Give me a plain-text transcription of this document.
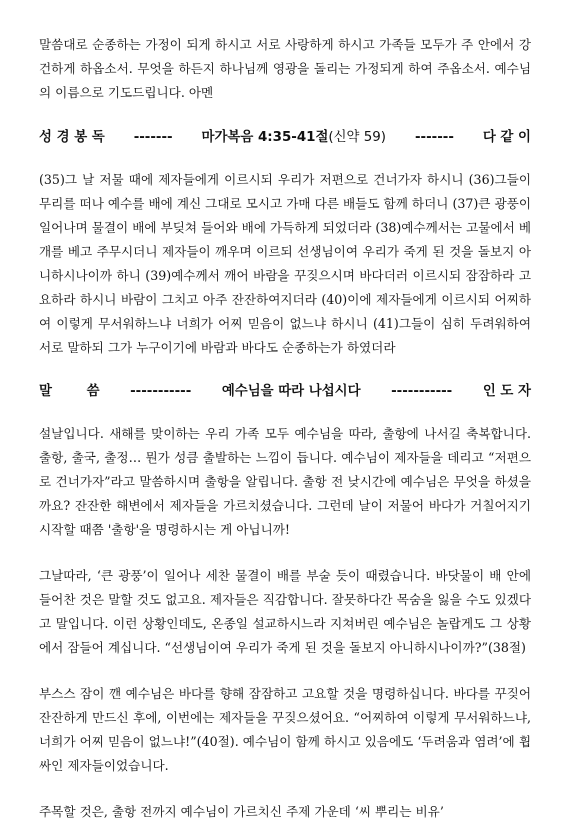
말씀대로 순종하는 가정이 되게 하시고 서로 사랑하게 하시고 가족들 모두가 주 안에서 강건하게 하옵소서. 무엇을 하든지 하나님께 영광을 돌리는 가정되게 하여 주옵소서. 예수님의 이름으로 기도드립니다. 아멘

성 경 봉 독 ------- 마가복음 4:35-41절(신약 59) ------- 다 같 이

(35)그 날 저물 때에 제자들에게 이르시되 우리가 저편으로 건너가자 하시니 (36)그들이 무리를 떠나 예수를 배에 계신 그대로 모시고 가매 다른 배들도 함께 하더니 (37)큰 광풍이 일어나며 물결이 배에 부딪쳐 들어와 배에 가득하게 되었더라 (38)예수께서는 고물에서 베개를 베고 주무시더니 제자들이 깨우며 이르되 선생님이여 우리가 죽게 된 것을 돌보지 아니하시나이까 하니 (39)예수께서 깨어 바람을 꾸짖으시며 바다더러 이르시되 잠잠하라 고요하라 하시니 바람이 그치고 아주 잔잔하여지더라 (40)이에 제자들에게 이르시되 어찌하여 이렇게 무서워하느냐 너희가 어찌 믿음이 없느냐 하시니 (41)그들이 심히 두려워하여 서로 말하되 그가 누구이기에 바람과 바다도 순종하는가 하였더라

말 씀 ----------- 예수님을 따라 나섭시다 ----------- 인 도 자

설날입니다. 새해를 맞이하는 우리 가족 모두 예수님을 따라, 출항에 나서길 축복합니다. 출항, 출국, 출정… 뭔가 성큼 출발하는 느낌이 듭니다. 예수님이 제자들을 데리고 “저편으로 건너가자”라고 말씀하시며 출항을 알립니다. 출항 전 낮시간에 예수님은 무엇을 하셨을까요? 잔잔한 해변에서 제자들을 가르치셨습니다. 그런데 날이 저물어 바다가 거칠어지기 시작할 때쯤 '출항'을 명령하시는 게 아닙니까!

그날따라, ‘큰 광풍’이 일어나 세찬 물결이 배를 부술 듯이 때렸습니다. 바닷물이 배 안에 들어찬 것은 말할 것도 없고요. 제자들은 직감합니다. 잘못하다간 목숨을 잃을 수도 있겠다고 말입니다. 이런 상황인데도, 온종일 설교하시느라 지쳐버린 예수님은 놀랍게도 그 상황에서 잠들어 계십니다. “선생님이여 우리가 죽게 된 것을 돌보지 아니하시나이까?”(38절)

부스스 잠이 깬 예수님은 바다를 향해 잠잠하고 고요할 것을 명령하십니다. 바다를 꾸짖어 잔잔하게 만드신 후에, 이번에는 제자들을 꾸짖으셨어요. “어찌하여 이렇게 무서워하느냐, 너희가 어찌 믿음이 없느냐!”(40절). 예수님이 함께 하시고 있음에도 ‘두려움과 염려’에 휩싸인 제자들이었습니다.

주목할 것은, 출항 전까지 예수님이 가르치신 주제 가운데 ‘씨 뿌리는 비유’
